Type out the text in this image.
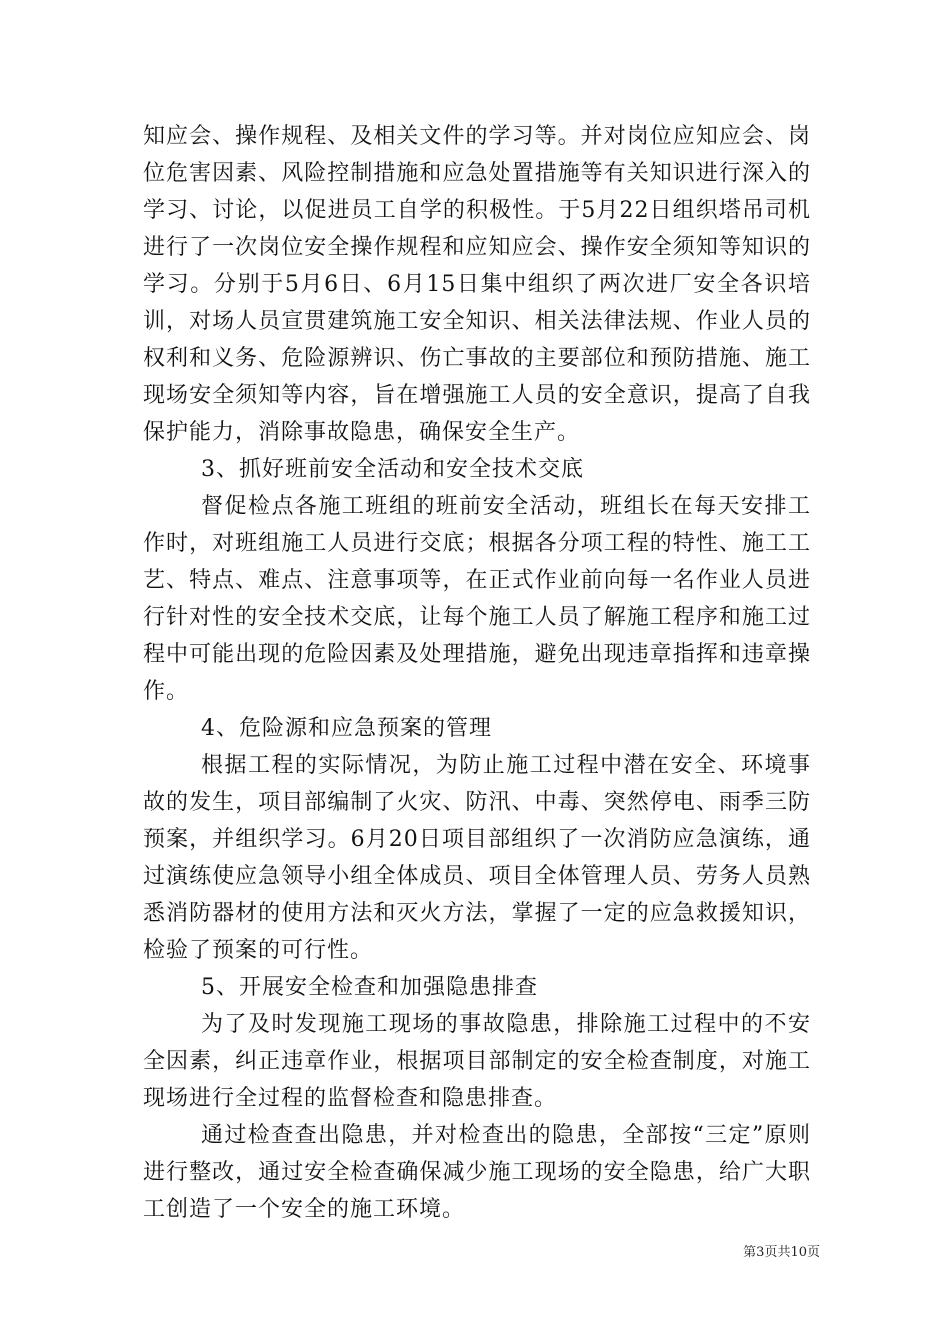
知应会、操作规程、及相关文件的学习等。并对岗位应知应会、岗位危害因素、风险控制措施和应急处置措施等有关知识进行深入的学习、讨论，以促进员工自学的积极性。于5月22日组织塔吊司机进行了一次岗位安全操作规程和应知应会、操作安全须知等知识的学习。分别于5月6日、6月15日集中组织了两次进厂安全各识培训，对场人员宣贯建筑施工安全知识、相关法律法规、作业人员的权利和义务、危险源辨识、伤亡事故的主要部位和预防措施、施工现场安全须知等内容，旨在增强施工人员的安全意识，提高了自我保护能力，消除事故隐患，确保安全生产。

3、抓好班前安全活动和安全技术交底

督促检点各施工班组的班前安全活动，班组长在每天安排工作时，对班组施工人员进行交底；根据各分项工程的特性、施工工艺、特点、难点、注意事项等，在正式作业前向每一名作业人员进行针对性的安全技术交底，让每个施工人员了解施工程序和施工过程中可能出现的危险因素及处理措施，避免出现违章指挥和违章操作。

4、危险源和应急预案的管理

根据工程的实际情况，为防止施工过程中潜在安全、环境事故的发生，项目部编制了火灾、防汛、中毒、突然停电、雨季三防预案，并组织学习。6月20日项目部组织了一次消防应急演练，通过演练使应急领导小组全体成员、项目全体管理人员、劳务人员熟悉消防器材的使用方法和灭火方法，掌握了一定的应急救援知识，检验了预案的可行性。

5、开展安全检查和加强隐患排查

为了及时发现施工现场的事故隐患，排除施工过程中的不安全因素，纠正违章作业，根据项目部制定的安全检查制度，对施工现场进行全过程的监督检查和隐患排查。

通过检查查出隐患，并对检查出的隐患，全部按“三定”原则进行整改，通过安全检查确保减少施工现场的安全隐患，给广大职工创造了一个安全的施工环境。

第3页共10页
